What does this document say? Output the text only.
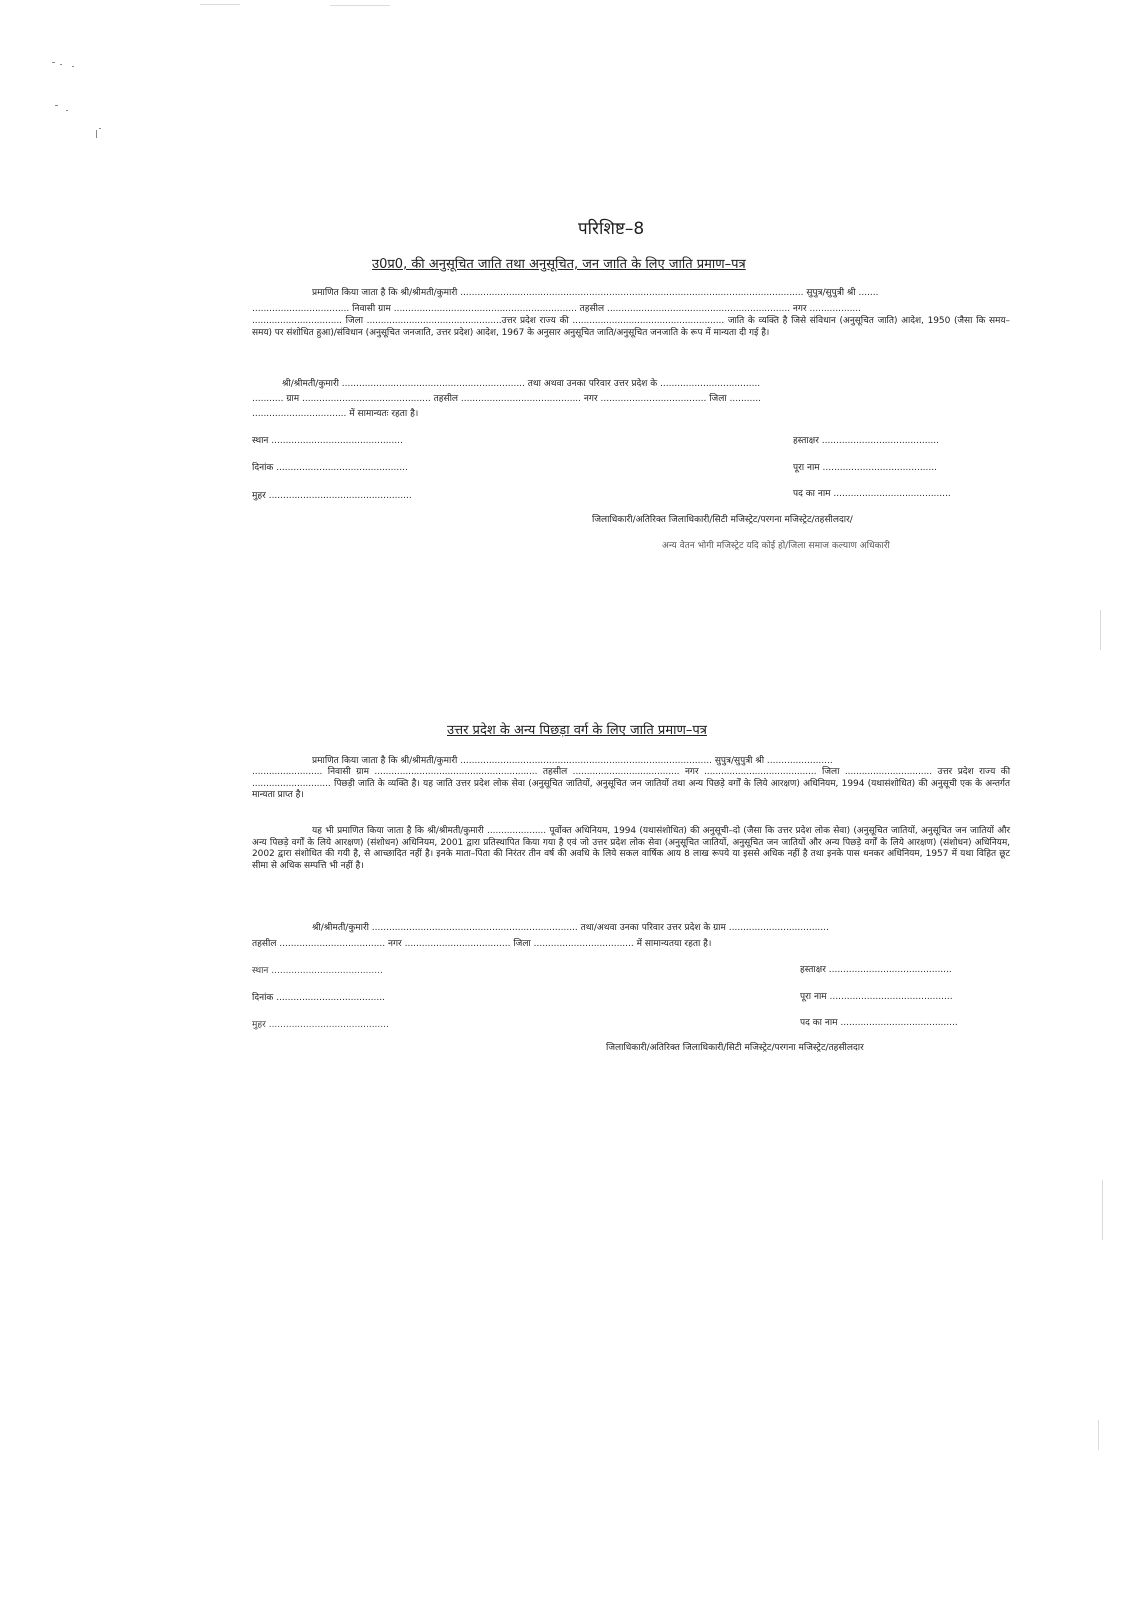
परिशिष्ट–8
उ0प्र0, की अनुसूचित जाति तथा अनुसूचित, जन जाति के लिए जाति प्रमाण–पत्र
प्रमाणित किया जाता है कि श्री/श्रीमती/कुमारी ........................................................................................................................ सुपुत्र/सुपुत्री श्री .......
.................................. निवासी ग्राम ................................................................ तहसील ................................................................ नगर ..................
................................ जिला ................................................उत्तर प्रदेश राज्य की ...................................................... जाति के व्यक्ति है जिसे संविधान (अनुसूचित जाति) आदेश, 1950 (जैसा कि समय–समय) पर संशोधित हुआ)/संविधान (अनुसूचित जनजाति, उत्तर प्रदेश) आदेश, 1967 के अनुसार अनुसूचित जाति/अनुसूचित जनजाति के रूप में मान्यता दी गई है।
श्री/श्रीमती/कुमारी ................................................................ तथा अथवा उनका परिवार उत्तर प्रदेश के ...................................
........... ग्राम ............................................. तहसील .......................................... नगर ..................................... जिला ...........
................................. में सामान्यतः रहता है।
स्थान ..............................................
दिनांक ..............................................
मुहर ..................................................
हस्ताक्षर .........................................
पूरा नाम ........................................
पद का नाम .........................................
जिलाधिकारी/अतिरिक्त जिलाधिकारी/सिटी मजिस्ट्रेट/परगना मजिस्ट्रेट/तहसीलदार/
अन्य वेतन भोगी मजिस्ट्रेट यदि कोई हो/जिला समाज कल्याण अधिकारी
उत्तर प्रदेश के अन्य पिछड़ा वर्ग के लिए जाति प्रमाण–पत्र
प्रमाणित किया जाता है कि श्री/श्रीमती/कुमारी ........................................................................................ सुपुत्र/सुपुत्री श्री .......................
......................... निवासी ग्राम .......................................................... तहसील ...................................... नगर ........................................ जिला ............................... उत्तर प्रदेश राज्य की ............................ पिछड़ी जाति के व्यक्ति है। यह जाति उत्तर प्रदेश लोक सेवा (अनुसूचित जातियों, अनुसूचित जन जातियों तथा अन्य पिछड़े वर्गों के लिये आरक्षण) अधिनियम, 1994 (यथासंशोधित) की अनुसूची एक के अन्तर्गत मान्यता प्राप्त है।
यह भी प्रमाणित किया जाता है कि श्री/श्रीमती/कुमारी ..................... पूर्वोक्त अधिनियम, 1994 (यथासंशोधित) की अनुसूची–दो (जैसा कि उत्तर प्रदेश लोक सेवा) (अनुसूचित जातियों, अनुसूचित जन जातियों और अन्य पिछड़े वर्गों के लिये आरक्षण) (संशोधन) अधिनियम, 2001 द्वारा प्रतिस्थापित किया गया है एवं जो उत्तर प्रदेश लोक सेवा (अनुसूचित जातियों, अनुसूचित जन जातियों और अन्य पिछड़े वर्गों के लिये आरक्षण) (संशोधन) अधिनियम, 2002 द्वारा संशोधित की गयी है, से आच्छादित नहीं है। इनके माता–पिता की निरंतर तीन वर्ष की अवधि के लिये सकल वार्षिक आय 8 लाख रूपये या इससे अधिक नहीं है तथा इनके पास धनकर अधिनियम, 1957 में यथा विहित छूट सीमा से अधिक सम्पत्ति भी नहीं है।
श्री/श्रीमती/कुमारी ........................................................................ तथा/अथवा उनका परिवार उत्तर प्रदेश के ग्राम ...................................
तहसील ..................................... नगर ..................................... जिला ................................... में सामान्यतया रहता है।
स्थान .......................................
दिनांक ......................................
मुहर ..........................................
हस्ताक्षर ...........................................
पूरा नाम ...........................................
पद का नाम .........................................
जिलाधिकारी/अतिरिक्त जिलाधिकारी/सिटी मजिस्ट्रेट/परगना मजिस्ट्रेट/तहसीलदार
